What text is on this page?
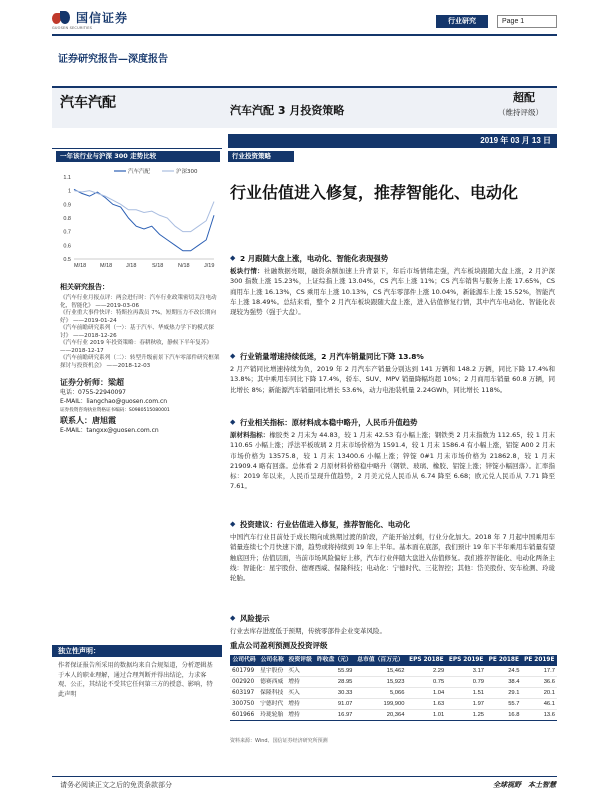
国信证券
GUOSEN SECURITIES
行业研究	Page 1
证券研究报告—深度报告
汽车汽配	汽车汽配 3 月投资策略
超配
（维持评级）
2019 年 03 月 13 日
一年该行业与沪深 300 走势比较
1.1
1
0.9
0.8
0.7
0.6
0.5
M/18	M/18	J/18	S/18	N/18	J/19
汽车汽配	沪深300
相关研究报告：

《汽车行业月报点评：两会进行时：汽车行业政策密切关注电动化，智能化》 ——2019-03-06

《行业重大事件快评：特斯拉再裁员 7%，短期压力不改长期向好》 ——2019-01-24

《汽车前瞻研究系列（一）：基于汽车、华威热力学下的模式探讨》 ——2018-12-26

《汽车行业 2019 年投资策略：春耕秋收，静候下半年复苏》 ——2018-12-17

《汽车前瞻研究系列（二）：转型升级前景下汽车零部件研究框架探讨与投资机会》 ——2018-12-03

证券分析师：梁超
电话：0755-22940097
E-MAIL：liangchao@guosen.com.cn
证券投资咨询执业资格证书编码：S0980515080001
联系人：唐旭霞
E-MAIL：tangxx@guosen.com.cn
独立性声明：
作者保证报告所采用的数据均来自合规渠道，分析逻辑基于本人的职业理解，通过合理判断并得出结论，力求客观、公正，其结论不受其它任何第三方的授意、影响，特此声明
行业投资策略
行业估值进入修复，推荐智能化、电动化
◆ 2 月跟随大盘上涨，电动化、智能化表现强势
板块行情：社融数据亮眼，融资余额加速上升背景下，年后市场情绪走强，汽车板块跟随大盘上涨，2 月沪深 300 指数上涨 15.23%，上证综指上涨 13.04%，CS 汽车上涨 11%；CS 汽车销售与服务上涨 17.65%，CS 商用车上涨 16.13%，CS 乘用车上涨 10.13%，CS 汽车零部件上涨 10.04%，新能源车上涨 15.52%，智能汽车上涨 18.49%。总结来看，整个 2 月汽车板块跟随大盘上涨，进入估值修复行情，其中汽车电动化、智能化表现较为强势（强于大盘）。
◆ 行业销量增速持续低迷，2 月汽车销量同比下降 13.8%
2 月产销同比增速持续为负，2019 年 2 月汽车产销量分别达到 141 万辆和 148.2 万辆，同比下降 17.4%和 13.8%；其中乘用车同比下降 17.4%，轿车、SUV、MPV 销量降幅均超 10%；2 月商用车销量 60.8 万辆，同比增长 8%；新能源汽车销量同比增长 53.6%，动力电池装机量 2.24GWh，同比增长 118%。
◆ 行业相关指标：原材料成本稳中略升，人民币升值趋势
原材料指标：橡胶类 2 月末为 44.83，较 1 月末 42.53 有小幅上涨；钢铁类 2 月末指数为 112.65，较 1 月末 110.65 小幅上涨；浮法平板玻璃 2 月末市场价格为 1591.4，较 1 月末 1586.4 有小幅上涨，铝锭 A00 2 月末市场价格为 13575.8，较 1 月末 13400.6 小幅上涨；锌锭 0#1 月末市场价格为 21862.8，较 1 月末 21909.4 略有回落。总体看 2 月原材料价格稳中略升（钢铁、玻璃、橡胶、铝锭上涨；锌锭小幅回落）。汇率指标：2019 年以来，人民币呈现升值趋势，2 月美元兑人民币从 6.74 降至 6.68；欧元兑人民币从 7.71 降至 7.61。
◆ 投资建议：行业估值进入修复，推荐智能化、电动化
中国汽车行业目前处于成长期向成熟期过渡的阶段，产能开始过剩，行业分化加大。2018 年 7 月起中国乘用车销量连续七个月快速下滑，趋势或将持续到 19 年上半年。基本面在底部，我们预计 19 年下半年乘用车销量有望触底回升；估值层面，当前市场风险偏好上移，汽车行业伴随大盘进入估值修复。我们推荐智能化、电动化两条主线：智能化：星宇股份、德赛西威、保隆科技；电动化：宁德时代、三花智控；其他：岱美股份、安车检测、玲珑轮胎。
◆ 风险提示
行业去库存进度低于预期，传统零部件企业变革风险。
重点公司盈利预测及投资评级
公司代码	公司名称	投资评级	昨收盘（元）	总市值（百万元）	EPS 2018E	EPS 2019E	PE 2018E	PE 2019E
601799	星宇股份	买入	55.99	15,462	2.29	3.17	24.5	17.7
002920	德赛西威	增持	28.95	15,923	0.75	0.79	38.4	36.6
603197	保隆科技	买入	30.33	5,066	1.04	1.51	29.1	20.1
300750	宁德时代	增持	91.07	199,900	1.63	1.97	55.7	46.1
601966	玲珑轮胎	增持	16.97	20,364	1.01	1.25	16.8	13.6
资料来源：Wind、国信证券经济研究所预测
请务必阅读正文之后的免责条款部分	全球视野　本土智慧
